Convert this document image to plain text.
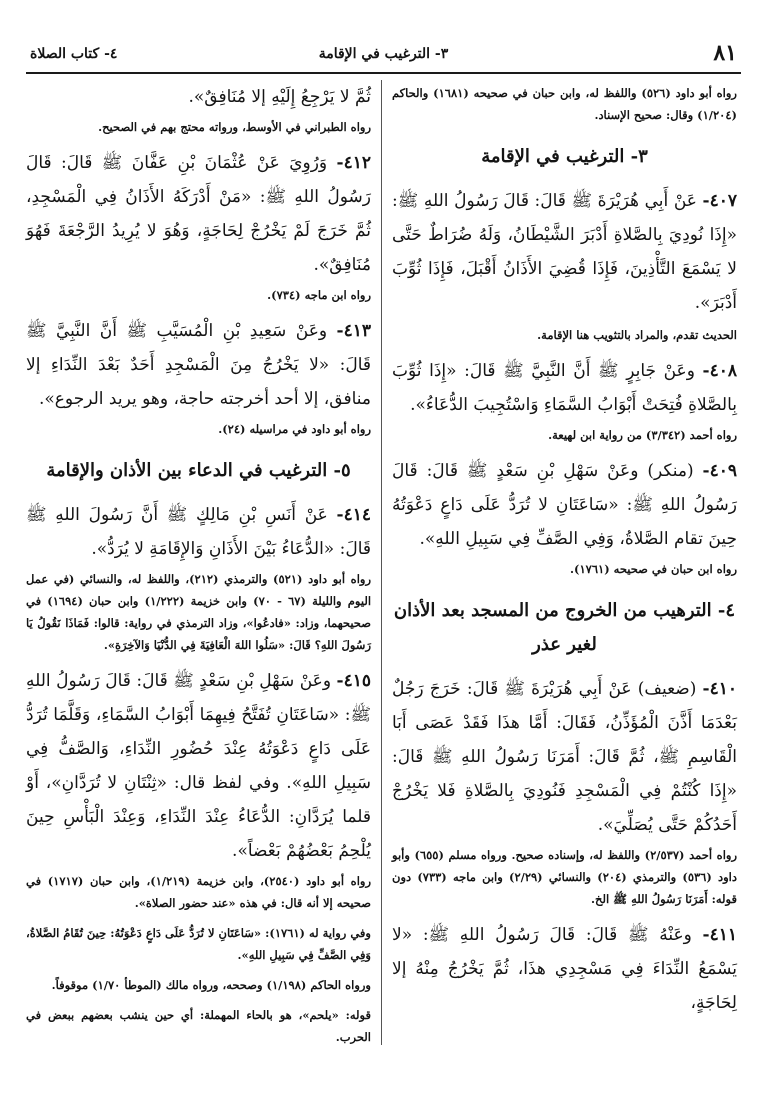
٨١
٣- الترغيب في الإقامة
٤- كتاب الصلاة

رواه أبو داود (٥٢٦) واللفظ له، وابن حبان في صحيحه (١٦٨١) والحاكم (١/٢٠٤) وقال: صحيح الإسناد.

٣- الترغيب في الإقامة

٤٠٧- عَنْ أَبِي هُرَيْرَةَ ﷺ قَالَ: قَالَ رَسُولُ اللهِ ﷺ: «إِذَا نُودِيَ بِالصَّلاةِ أَدْبَرَ الشَّيْطَانُ، وَلَهُ ضُرَاطٌ حَتَّى لا يَسْمَعَ التَّأْذِينَ، فَإِذَا قُضِيَ الأَذَانُ أَقْبَلَ، فَإِذَا ثُوِّبَ أَدْبَرَ».

الحديث تقدم، والمراد بالتثويب هنا الإقامة.

٤٠٨- وعَنْ جَابِرٍ ﷺ أَنَّ النَّبِيَّ ﷺ قَالَ: «إِذَا ثُوِّبَ بِالصَّلاةِ فُتِحَتْ أَبْوَابُ السَّمَاءِ وَاسْتُجِيبَ الدُّعَاءُ».

رواه أحمد (٣/٣٤٢) من رواية ابن لهيعة.

٤٠٩- (منكر) وعَنْ سَهْلِ بْنِ سَعْدٍ ﷺ قَالَ: قَالَ رَسُولُ اللهِ ﷺ: «سَاعَتَانِ لا تُرَدُّ عَلَى دَاعٍ دَعْوَتُهُ حِينَ تقام الصَّلاةُ، وَفِي الصَّفِّ فِي سَبِيلِ اللهِ».

رواه ابن حبان في صحيحه (١٧٦١).

٤- الترهيب من الخروج من المسجد بعد الأذان لغير عذر

٤١٠- (ضعيف) عَنْ أَبِي هُرَيْرَةَ ﷺ قَالَ: خَرَجَ رَجُلٌ بَعْدَمَا أَذَّنَ الْمُؤَذِّنُ، فَقَالَ: أَمَّا هذَا فَقَدْ عَصَى أَبَا الْقَاسِمِ ﷺ، ثُمَّ قَالَ: أَمَرَنَا رَسُولُ اللهِ ﷺ قَالَ: «إِذَا كُنْتُمْ فِي الْمَسْجِدِ فَنُودِيَ بِالصَّلاةِ فَلا يَخْرُجْ أَحَدُكُمْ حَتَّى يُصَلِّيَ».

رواه أحمد (٢/٥٣٧) واللفظ له، وإسناده صحيح. ورواه مسلم (٦٥٥) وأبو داود (٥٣٦) والترمذي (٢٠٤) والنسائي (٢/٢٩) وابن ماجه (٧٣٣) دون قوله: أَمَرَنَا رَسُولُ اللهِ ﷺ الخ.

٤١١- وعَنْهُ ﷺ قَالَ: قَالَ رَسُولُ اللهِ ﷺ: «لا يَسْمَعُ النِّدَاءَ فِي مَسْجِدِي هذَا، ثُمَّ يَخْرُجُ مِنْهُ إلا لِحَاجَةٍ،

ثُمَّ لا يَرْجِعُ إِلَيْهِ إلا مُنَافِقٌ».

رواه الطبراني في الأوسط، ورواته محتج بهم في الصحيح.

٤١٢- وَرُوِيَ عَنْ عُثْمَانَ بْنِ عَفَّانَ ﷺ قَالَ: قَالَ رَسُولُ اللهِ ﷺ: «مَنْ أَدْرَكَهُ الأَذَانُ فِي الْمَسْجِدِ، ثُمَّ خَرَجَ لَمْ يَخْرُجْ لِحَاجَةٍ، وَهُوَ لا يُرِيدُ الرَّجْعَةَ فَهُوَ مُنَافِقٌ».

رواه ابن ماجه (٧٣٤).

٤١٣- وعَنْ سَعِيدِ بْنِ الْمُسَيَّبِ ﷺ أَنَّ النَّبِيَّ ﷺ قَالَ: «لا يَخْرُجُ مِنَ الْمَسْجِدِ أَحَدٌ بَعْدَ النِّدَاءِ إلا منافق، إلا أحد أخرجته حاجة، وهو يريد الرجوع».

رواه أبو داود في مراسيله (٢٤).

٥- الترغيب في الدعاء بين الأذان والإقامة

٤١٤- عَنْ أَنَسِ بْنِ مَالِكٍ ﷺ أَنَّ رَسُولَ اللهِ ﷺ قَالَ: «الدُّعَاءُ بَيْنَ الأَذَانِ وَالإِقَامَةِ لا يُرَدُّ».

رواه أبو داود (٥٢١) والترمذي (٢١٢)، واللفظ له، والنسائي (في عمل اليوم والليلة (٦٧ - ٧٠) وابن خزيمة (١/٢٢٢) وابن حبان (١٦٩٤) في صحيحهما، وزاد: «فادعُوا»، وزاد الترمذي في رواية: قالوا: فَمَاذَا نَقُولُ يَا رَسُولَ اللهِ؟ قَالَ: «سَلُوا اللهَ الْعَافِيَةَ فِي الدُّنْيَا وَالآخِرَةِ».

٤١٥- وعَنْ سَهْلِ بْنِ سَعْدٍ ﷺ قَالَ: قَالَ رَسُولُ اللهِ ﷺ: «سَاعَتَانِ تُفَتَّحُ فِيهِمَا أَبْوَابُ السَّمَاءِ، وَقَلَّمَا تُرَدُّ عَلَى دَاعٍ دَعْوَتُهُ عِنْدَ حُضُورِ النِّدَاءِ، وَالصَّفُّ فِي سَبِيلِ اللهِ». وفي لفظ قال: «ثِنْتَانِ لا تُرَدَّانِ»، أَوْ قلما يُرَدَّانِ: الدُّعَاءُ عِنْدَ النِّدَاءِ، وَعِنْدَ الْبَأْسِ حِينَ يُلْحِمُ بَعْضُهُمْ بَعْضاً».

رواه أبو داود (٢٥٤٠)، وابن خزيمة (١/٢١٩)، وابن حبان (١٧١٧) في صحيحه إلا أنه قال: في هذه «عند حضور الصلاة».

وفي رواية له (١٧٦١): «سَاعَتَانِ لا تُرَدُّ عَلَى دَاعٍ دَعْوَتُهُ: حِينَ تُقَامُ الصَّلاةُ، وَفِي الصَّفِّ فِي سَبِيلِ اللهِ».

ورواه الحاكم (١/١٩٨) وصححه، ورواه مالك (الموطأ ١/٧٠) موقوفاً.

قوله: «يلحم»، هو بالحاء المهملة: أي حين ينشب بعضهم ببعض في الحرب.
